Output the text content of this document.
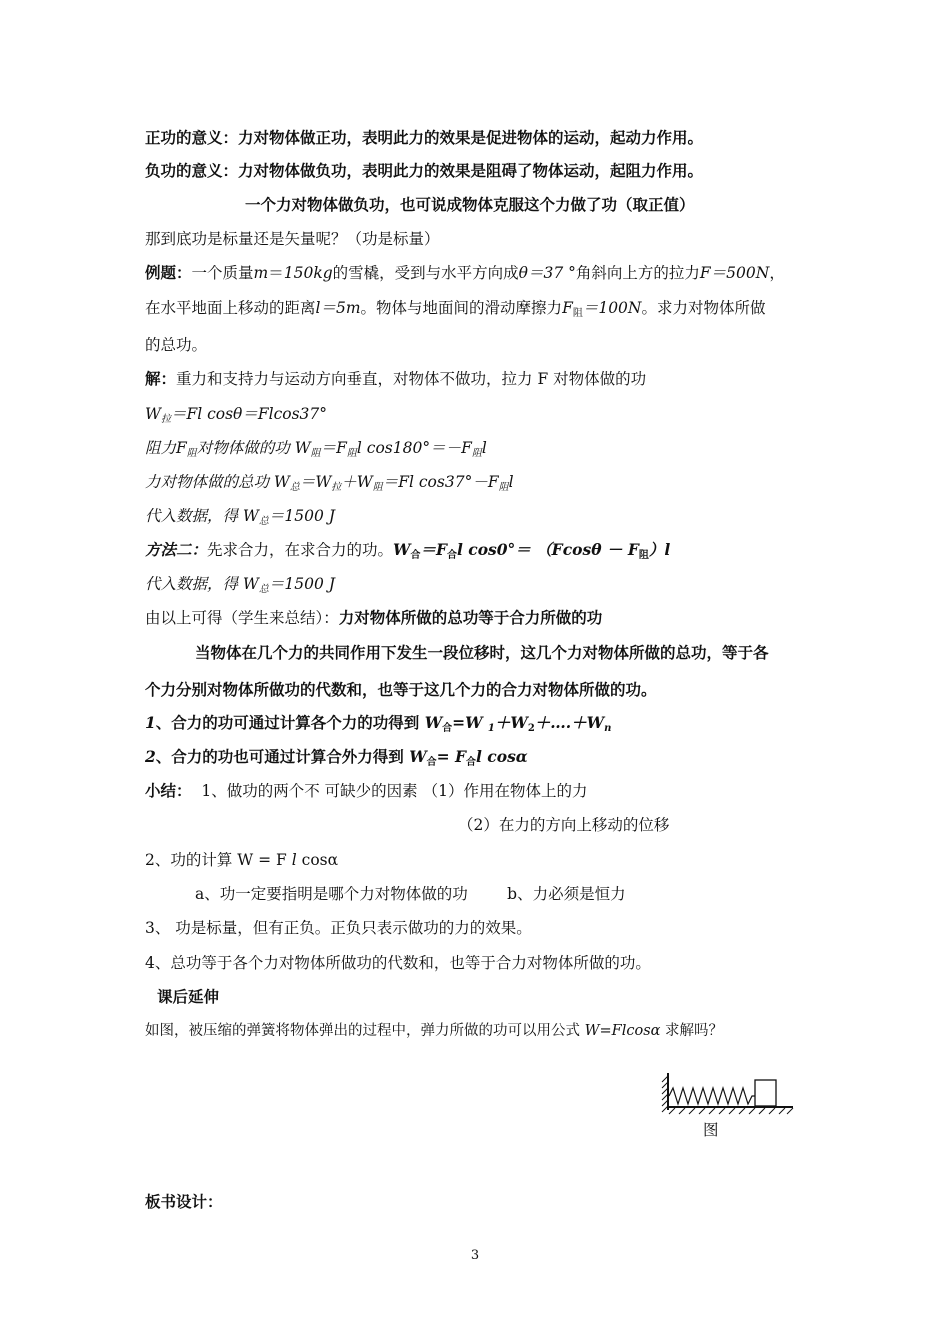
正功的意义：力对物体做正功，表明此力的效果是促进物体的运动，起动力作用。
负功的意义：力对物体做负功，表明此力的效果是阻碍了物体运动，起阻力作用。
一个力对物体做负功，也可说成物体克服这个力做了功（取正值）
那到底功是标量还是矢量呢？（功是标量）
例题：一个质量m＝150kg的雪橇，受到与水平方向成θ＝37 °角斜向上方的拉力F＝500N，
在水平地面上移动的距离l＝5m。物体与地面间的滑动摩擦力$F_阻=100N$。求力对物体所做
的总功。
解：重力和支持力与运动方向垂直，对物体不做功，拉力 F 对物体做的功
$W_拉=Fl$ cosθ＝Flcos37°
阻力$F_阻$对物体做的功 $W_阻=F_阻l$ $\cos 180^\circ=-F_阻l$
力对物体做的总功 $W_总=W_拉+W_阻=Fl$ $\cos 37^\circ-F_阻l$
代入数据，得 $W_总=1500$ J
方法二：先求合力，在求合力的功。$W_合=F_合l$ $\cos 0^\circ= (Fcos\theta - F_阻)l$
代入数据，得 $W_总=1500$ J
由以上可得（学生来总结）：力对物体所做的总功等于合力所做的功
当物体在几个力的共同作用下发生一段位移时，这几个力对物体所做的总功，等于各
个力分别对物体所做功的代数和，也等于这几个力的合力对物体所做的功。
1、合力的功可通过计算各个力的功得到 $W_合=W$ $_1+W_2+\dots.+W_n$
2、合力的功也可通过计算合外力得到 $W_合= F_合l$ cosα
小结： 1、做功的两个不 可缺少的因素 （1）作用在物体上的力
（2）在力的方向上移动的位移
2、功的计算 W = F l cosα
a、功一定要指明是哪个力对物体做的功	b、力必须是恒力
3、 功是标量，但有正负。正负只表示做功的力的效果。
4、总功等于各个力对物体所做功的代数和，也等于合力对物体所做的功。
课后延伸
如图，被压缩的弹簧将物体弹出的过程中，弹力所做的功可以用公式 W=Flcosα 求解吗？
图
板书设计：
3
